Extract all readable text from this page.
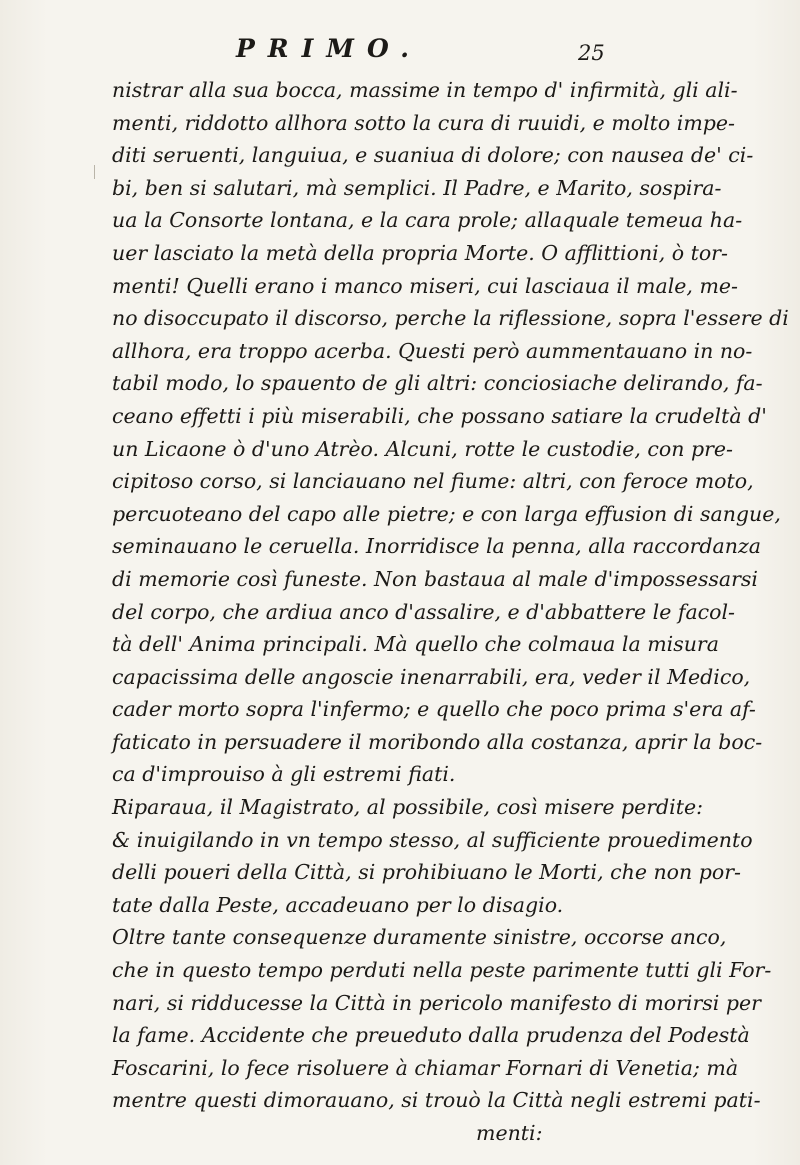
PRIMO.	25
nistrar alla sua bocca, massime in tempo d' infirmità, gli ali-
menti, riddotto allhora sotto la cura di ruuidi, e molto impe-
diti seruenti, languiua, e suaniua di dolore; con nausea de' ci-
bi, ben si salutari, mà semplici. Il Padre, e Marito, sospira-
ua la Consorte lontana, e la cara prole; allaquale temeua ha-
uer lasciato la metà della propria Morte. O afflittioni, ò tor-
menti! Quelli erano i manco miseri, cui lasciaua il male, me-
no disoccupato il discorso, perche la riflessione, sopra l'essere di
allhora, era troppo acerba. Questi però aummentauano in no-
tabil modo, lo spauento de gli altri: conciosiache delirando, fa-
ceano effetti i più miserabili, che possano satiare la crudeltà d'
un Licaone ò d'uno Atrèo. Alcuni, rotte le custodie, con pre-
cipitoso corso, si lanciauano nel fiume: altri, con feroce moto,
percuoteano del capo alle pietre; e con larga effusion di sangue,
seminauano le ceruella. Inorridisce la penna, alla raccordanza
di memorie così funeste. Non bastaua al male d'impossessarsi
del corpo, che ardiua anco d'assalire, e d'abbattere le facol-
tà dell' Anima principali. Mà quello che colmaua la misura
capacissima delle angoscie inenarrabili, era, veder il Medico,
cader morto sopra l'infermo; e quello che poco prima s'era af-
faticato in persuadere il moribondo alla costanza, aprir la boc-
ca d'improuiso à gli estremi fiati.
Riparaua, il Magistrato, al possibile, così misere perdite:
& inuigilando in vn tempo stesso, al sufficiente prouedimento
delli poueri della Città, si prohibiuano le Morti, che non por-
tate dalla Peste, accadeuano per lo disagio.
Oltre tante consequenze duramente sinistre, occorse anco,
che in questo tempo perduti nella peste parimente tutti gli For-
nari, si ridducesse la Città in pericolo manifesto di morirsi per
la fame. Accidente che preueduto dalla prudenza del Podestà
Foscarini, lo fece risoluere à chiamar Fornari di Venetia; mà
mentre questi dimorauano, si trouò la Città negli estremi pati-
menti:
